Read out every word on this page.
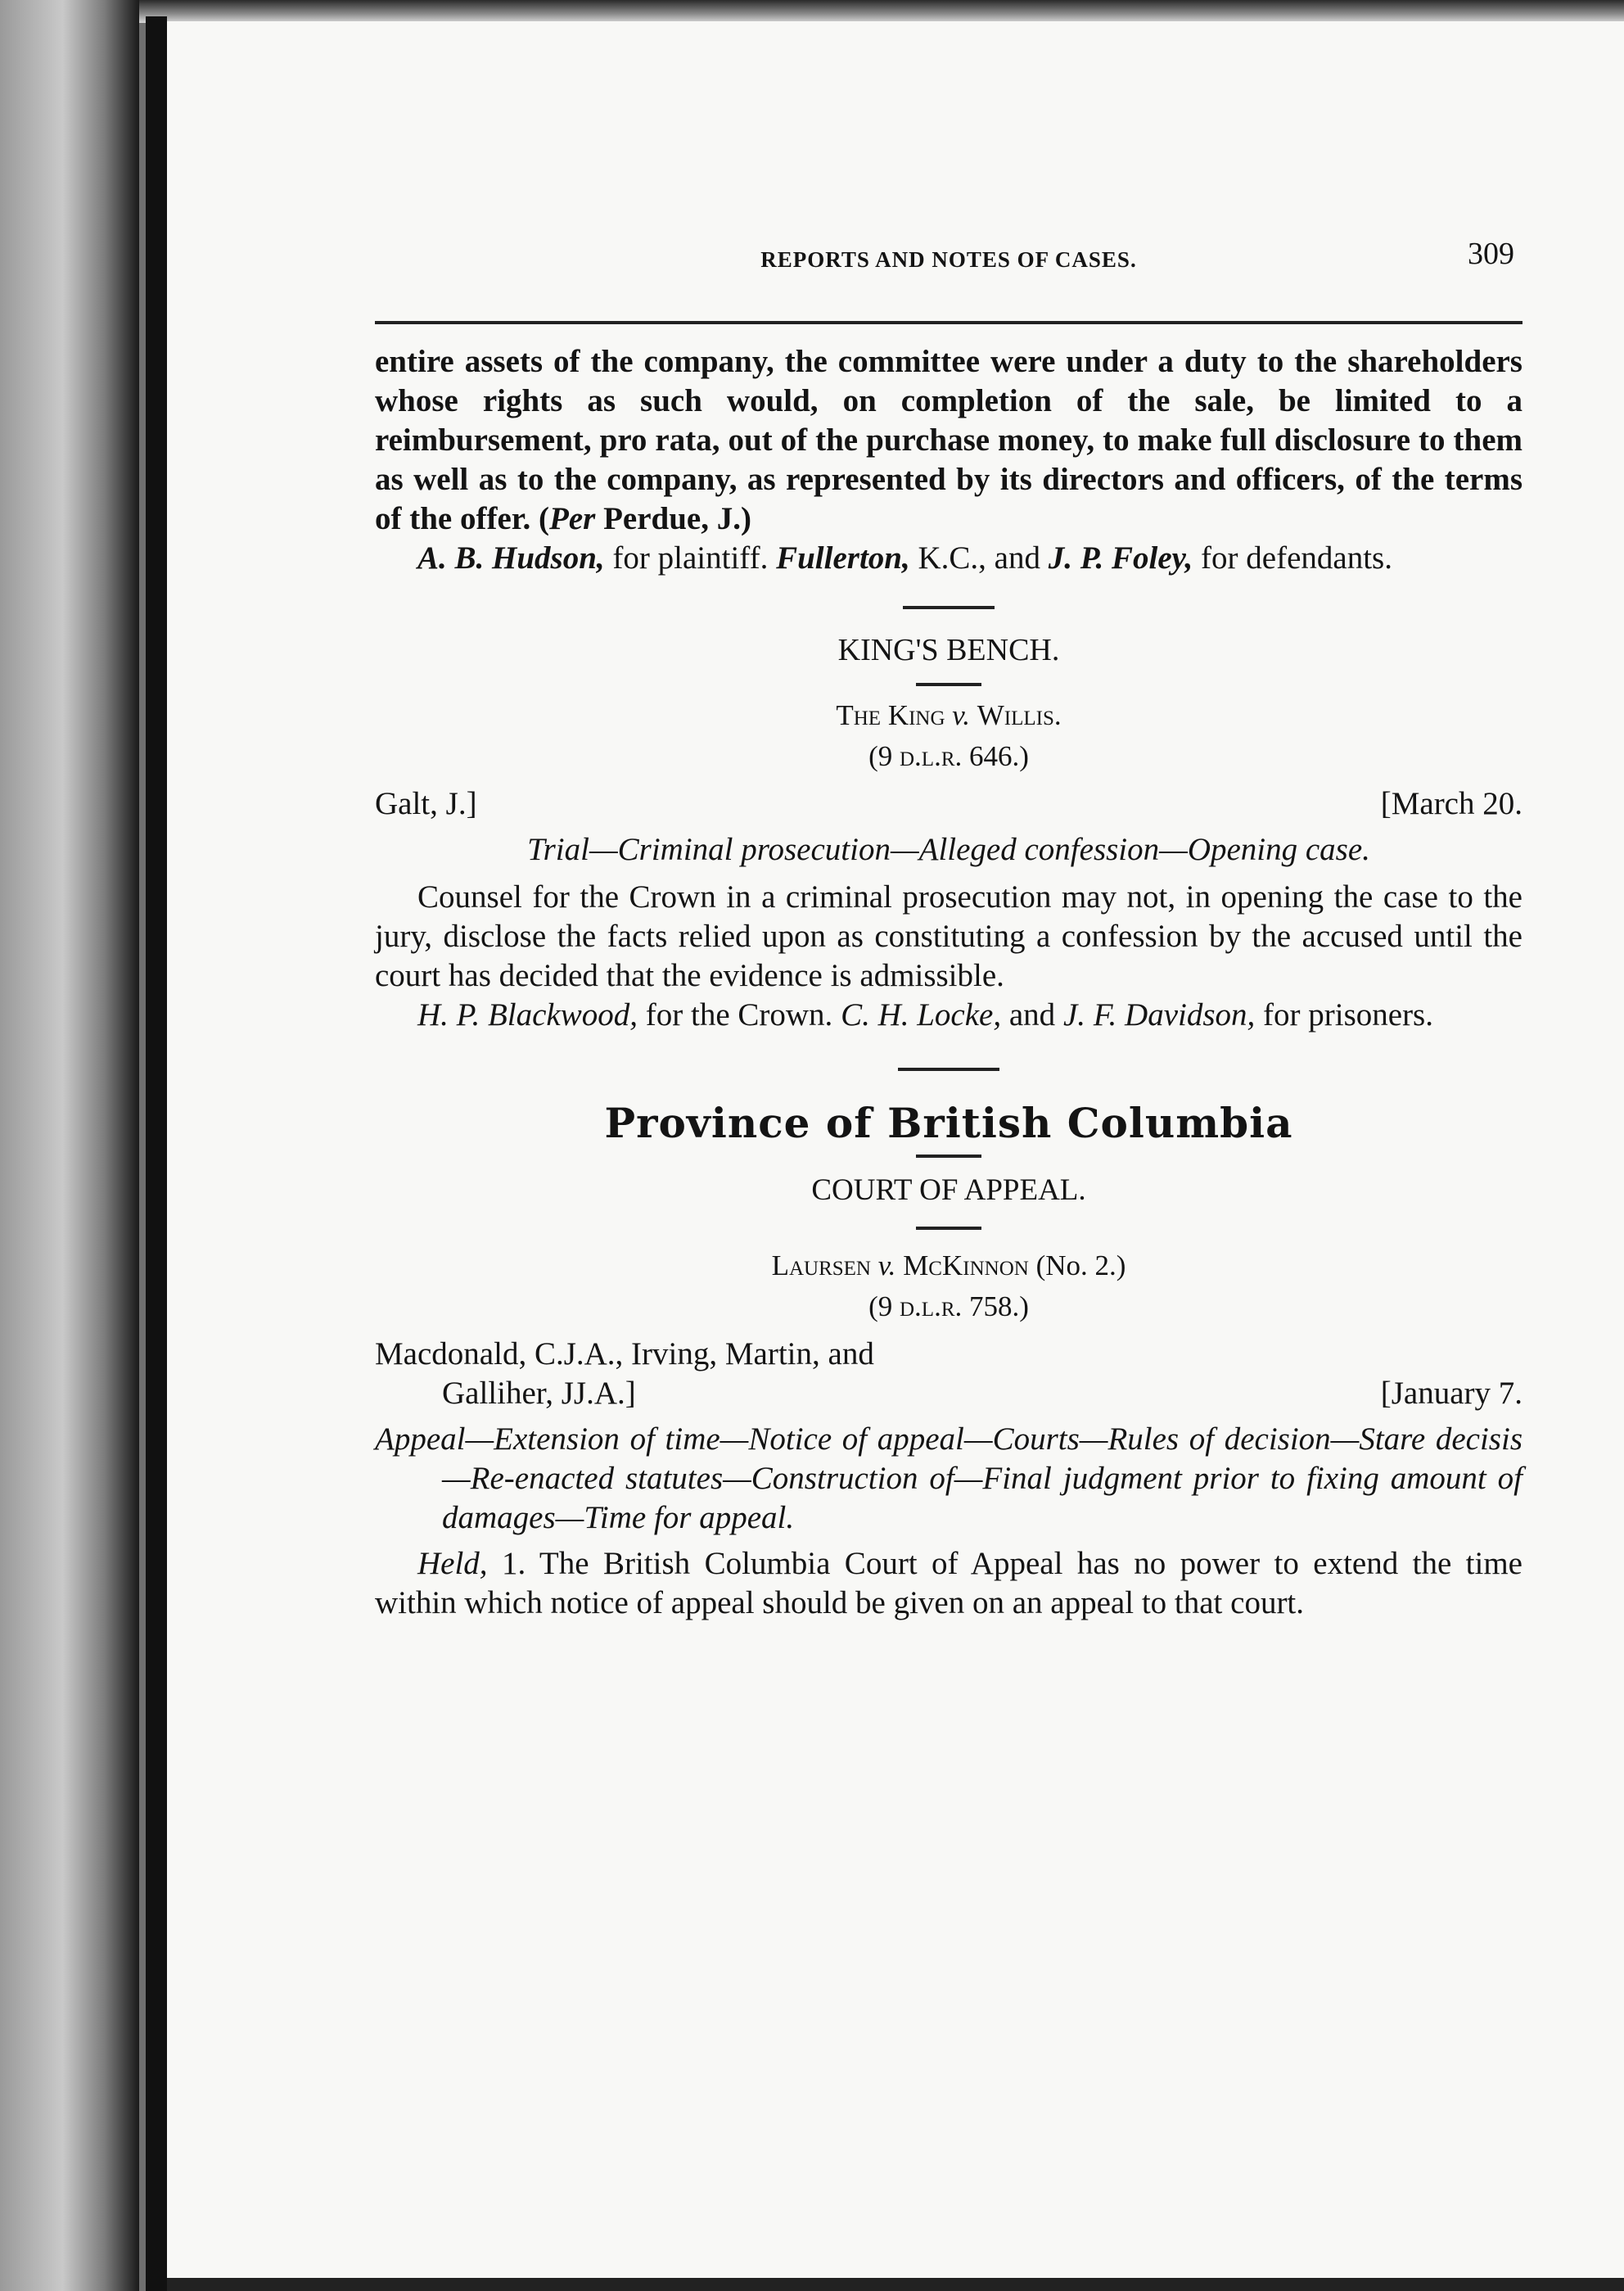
REPORTS AND NOTES OF CASES.	309

entire assets of the company, the committee were under a duty to the shareholders whose rights as such would, on completion of the sale, be limited to a reimbursement, pro rata, out of the purchase money, to make full disclosure to them as well as to the company, as represented by its directors and officers, of the terms of the offer. (Per Perdue, J.)

A. B. Hudson, for plaintiff. Fullerton, K.C., and J. P. Foley, for defendants.

KING'S BENCH.
The King v. Willis.
(9 d.l.r. 646.)
Galt, J.]	[March 20.

Trial—Criminal prosecution—Alleged confession—Opening case.

Counsel for the Crown in a criminal prosecution may not, in opening the case to the jury, disclose the facts relied upon as constituting a confession by the accused until the court has decided that the evidence is admissible.

H. P. Blackwood, for the Crown. C. H. Locke, and J. F. Davidson, for prisoners.

Province of British Columbia
COURT OF APPEAL.
Laursen v. McKinnon (No. 2.)
(9 d.l.r. 758.)
Macdonald, C.J.A., Irving, Martin, and
Galliher, JJ.A.]	[January 7.

Appeal—Extension of time—Notice of appeal—Courts—Rules of decision—Stare decisis—Re-enacted statutes—Construction of—Final judgment prior to fixing amount of damages—Time for appeal.

Held, 1. The British Columbia Court of Appeal has no power to extend the time within which notice of appeal should be given on an appeal to that court.
